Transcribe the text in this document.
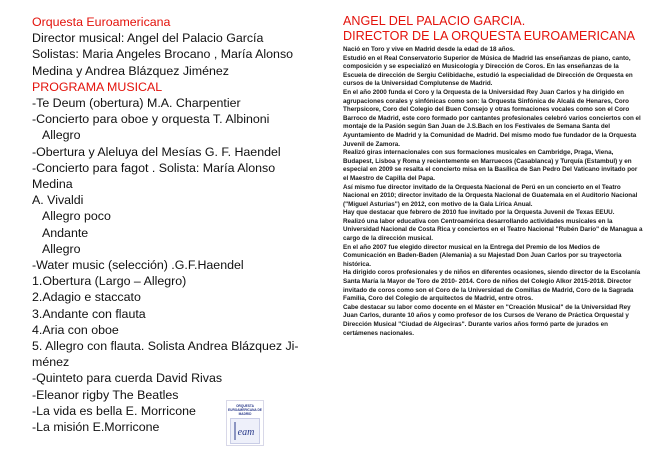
Orquesta Euroamericana
Director musical: Angel del Palacio García
Solistas: Maria Angeles Brocano , María Alonso
Medina y Andrea Blázquez Jiménez
PROGRAMA MUSICAL
-Te Deum (obertura) M.A. Charpentier
-Concierto para oboe y orquesta T. Albinoni
Allegro
-Obertura y Aleluya del Mesías G. F. Haendel
-Concierto para fagot . Solista: María Alonso
Medina
A. Vivaldi
Allegro poco
Andante
Allegro
-Water music (selección) .G.F.Haendel
1.Obertura (Largo – Allegro)
2.Adagio e staccato
3.Andante con flauta
4.Aria con oboe
5. Allegro con flauta. Solista Andrea Blázquez Ji-
ménez
-Quinteto para cuerda David Rivas
-Eleanor rigby The Beatles
-La vida es bella E. Morricone
-La misión E.Morricone
ORQUESTA EUROAMERICANA DE MADRID
eam
ANGEL DEL PALACIO GARCIA.
DIRECTOR DE LA ORQUESTA EUROAMERICANA

Nació en Toro y vive en Madrid desde la edad de 18 años.

Estudió en el Real Conservatorio Superior de Música de Madrid las enseñanzas de piano, canto, composición y se especializó en Musicología y Dirección de Coros. En las enseñanzas de la Escuela de dirección de Sergiu Celibidache, estudió la especialidad de Dirección de Orquesta en cursos de la Universidad Complutense de Madrid.

En el año 2000 funda el Coro y la Orquesta de la Universidad Rey Juan Carlos y ha dirigido en agrupaciones corales y sinfónicas como son: la Orquesta Sinfónica de Alcalá de Henares, Coro Therpsicore, Coro del Colegio del Buen Consejo y otras formaciones vocales como son el Coro Barroco de Madrid, este coro formado por cantantes profesionales celebró varios conciertos con el montaje de la Pasión según San Juan de J.S.Bach en los Festivales de Semana Santa del Ayuntamiento de Madrid y la Comunidad de Madrid. Del mismo modo fue fundador de la Orquesta Juvenil de Zamora.

Realizó giras internacionales con sus formaciones musicales en Cambridge, Praga, Viena, Budapest, Lisboa y Roma y recientemente en Marruecos (Casablanca) y Turquía (Estambul) y en especial en 2009 se resalta el concierto misa en la Basílica de San Pedro Del Vaticano invitado por el Maestro de Capilla del Papa.

Así mismo fue director invitado de la Orquesta Nacional de Perú en un concierto en el Teatro Nacional en 2010; director invitado de la Orquesta Nacional de Guatemala en el Auditorio Nacional ("Miguel Asturias") en 2012, con motivo de la Gala Lírica Anual.

Hay que destacar que febrero de 2010 fue invitado por la Orquesta Juvenil de Texas EEUU.

Realizó una labor educativa con Centroamérica desarrollando actividades musicales en la Universidad Nacional de Costa Rica y conciertos en el Teatro Nacional "Rubén Darío" de Managua a cargo de la dirección musical.

En el año 2007 fue elegido director musical en la Entrega del Premio de los Medios de Comunicación en Baden-Baden (Alemania) a su Majestad Don Juan Carlos por su trayectoria histórica.

Ha dirigido coros profesionales y de niños en diferentes ocasiones, siendo director de la Escolanía Santa María la Mayor de Toro de 2010- 2014. Coro de niños del Colegio Alkor 2015-2018. Director invitado de coros como son el Coro de la Universidad de Comillas de Madrid, Coro de la Sagrada Familia, Coro del Colegio de arquitectos de Madrid, entre otros.

Cabe destacar su labor como docente en el Máster en "Creación Musical" de la Universidad Rey Juan Carlos, durante 10 años y como profesor de los Cursos de Verano de Práctica Orquestal y Dirección Musical "Ciudad de Algeciras". Durante varios años formó parte de jurados en certámenes nacionales.
